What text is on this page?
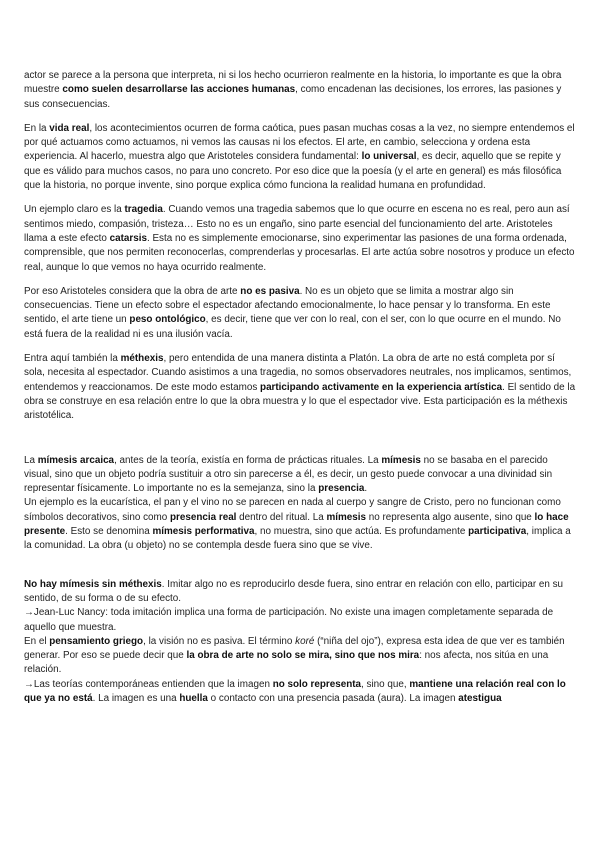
actor se parece a la persona que interpreta, ni si los hecho ocurrieron realmente en la historia, lo importante es que la obra muestre como suelen desarrollarse las acciones humanas, como encadenan las decisiones, los errores, las pasiones y sus consecuencias.

En la vida real, los acontecimientos ocurren de forma caótica, pues pasan muchas cosas a la vez, no siempre entendemos el por qué actuamos como actuamos, ni vemos las causas ni los efectos. El arte, en cambio, selecciona y ordena esta experiencia. Al hacerlo, muestra algo que Aristoteles considera fundamental: lo universal, es decir, aquello que se repite y que es válido para muchos casos, no para uno concreto. Por eso dice que la poesía (y el arte en general) es más filosófica que la historia, no porque invente, sino porque explica cómo funciona la realidad humana en profundidad.

Un ejemplo claro es la tragedia. Cuando vemos una tragedia sabemos que lo que ocurre en escena no es real, pero aun así sentimos miedo, compasión, tristeza… Esto no es un engaño, sino parte esencial del funcionamiento del arte. Aristoteles llama a este efecto catarsis. Esta no es simplemente emocionarse, sino experimentar las pasiones de una forma ordenada, comprensible, que nos permiten reconocerlas, comprenderlas y procesarlas. El arte actúa sobre nosotros y produce un efecto real, aunque lo que vemos no haya ocurrido realmente.

Por eso Aristoteles considera que la obra de arte no es pasiva. No es un objeto que se limita a mostrar algo sin consecuencias. Tiene un efecto sobre el espectador afectando emocionalmente, lo hace pensar y lo transforma. En este sentido, el arte tiene un peso ontológico, es decir, tiene que ver con lo real, con el ser, con lo que ocurre en el mundo. No está fuera de la realidad ni es una ilusión vacía.

Entra aquí también la méthexis, pero entendida de una manera distinta a Platón. La obra de arte no está completa por sí sola, necesita al espectador. Cuando asistimos a una tragedia, no somos observadores neutrales, nos implicamos, sentimos, entendemos y reaccionamos. De este modo estamos participando activamente en la experiencia artística. El sentido de la obra se construye en esa relación entre lo que la obra muestra y lo que el espectador vive. Esta participación es la méthexis aristotélica.

La mímesis arcaica, antes de la teoría, existía en forma de prácticas rituales. La mímesis no se basaba en el parecido visual, sino que un objeto podría sustituir a otro sin parecerse a él, es decir, un gesto puede convocar a una divinidad sin representar físicamente. Lo importante no es la semejanza, sino la presencia.
Un ejemplo es la eucarística, el pan y el vino no se parecen en nada al cuerpo y sangre de Cristo, pero no funcionan como símbolos decorativos, sino como presencia real dentro del ritual. La mímesis no representa algo ausente, sino que lo hace presente. Esto se denomina mímesis performativa, no muestra, sino que actúa. Es profundamente participativa, implica a la comunidad. La obra (u objeto) no se contempla desde fuera sino que se vive.

No hay mímesis sin méthexis. Imitar algo no es reproducirlo desde fuera, sino entrar en relación con ello, participar en su sentido, de su forma o de su efecto.
→Jean-Luc Nancy: toda imitación implica una forma de participación. No existe una imagen completamente separada de aquello que muestra.
En el pensamiento griego, la visión no es pasiva. El término koré (“niña del ojo”), expresa esta idea de que ver es también generar. Por eso se puede decir que la obra de arte no solo se mira, sino que nos mira: nos afecta, nos sitúa en una relación.
→Las teorías contemporáneas entienden que la imagen no solo representa, sino que, mantiene una relación real con lo que ya no está. La imagen es una huella o contacto con una presencia pasada (aura). La imagen atestigua
